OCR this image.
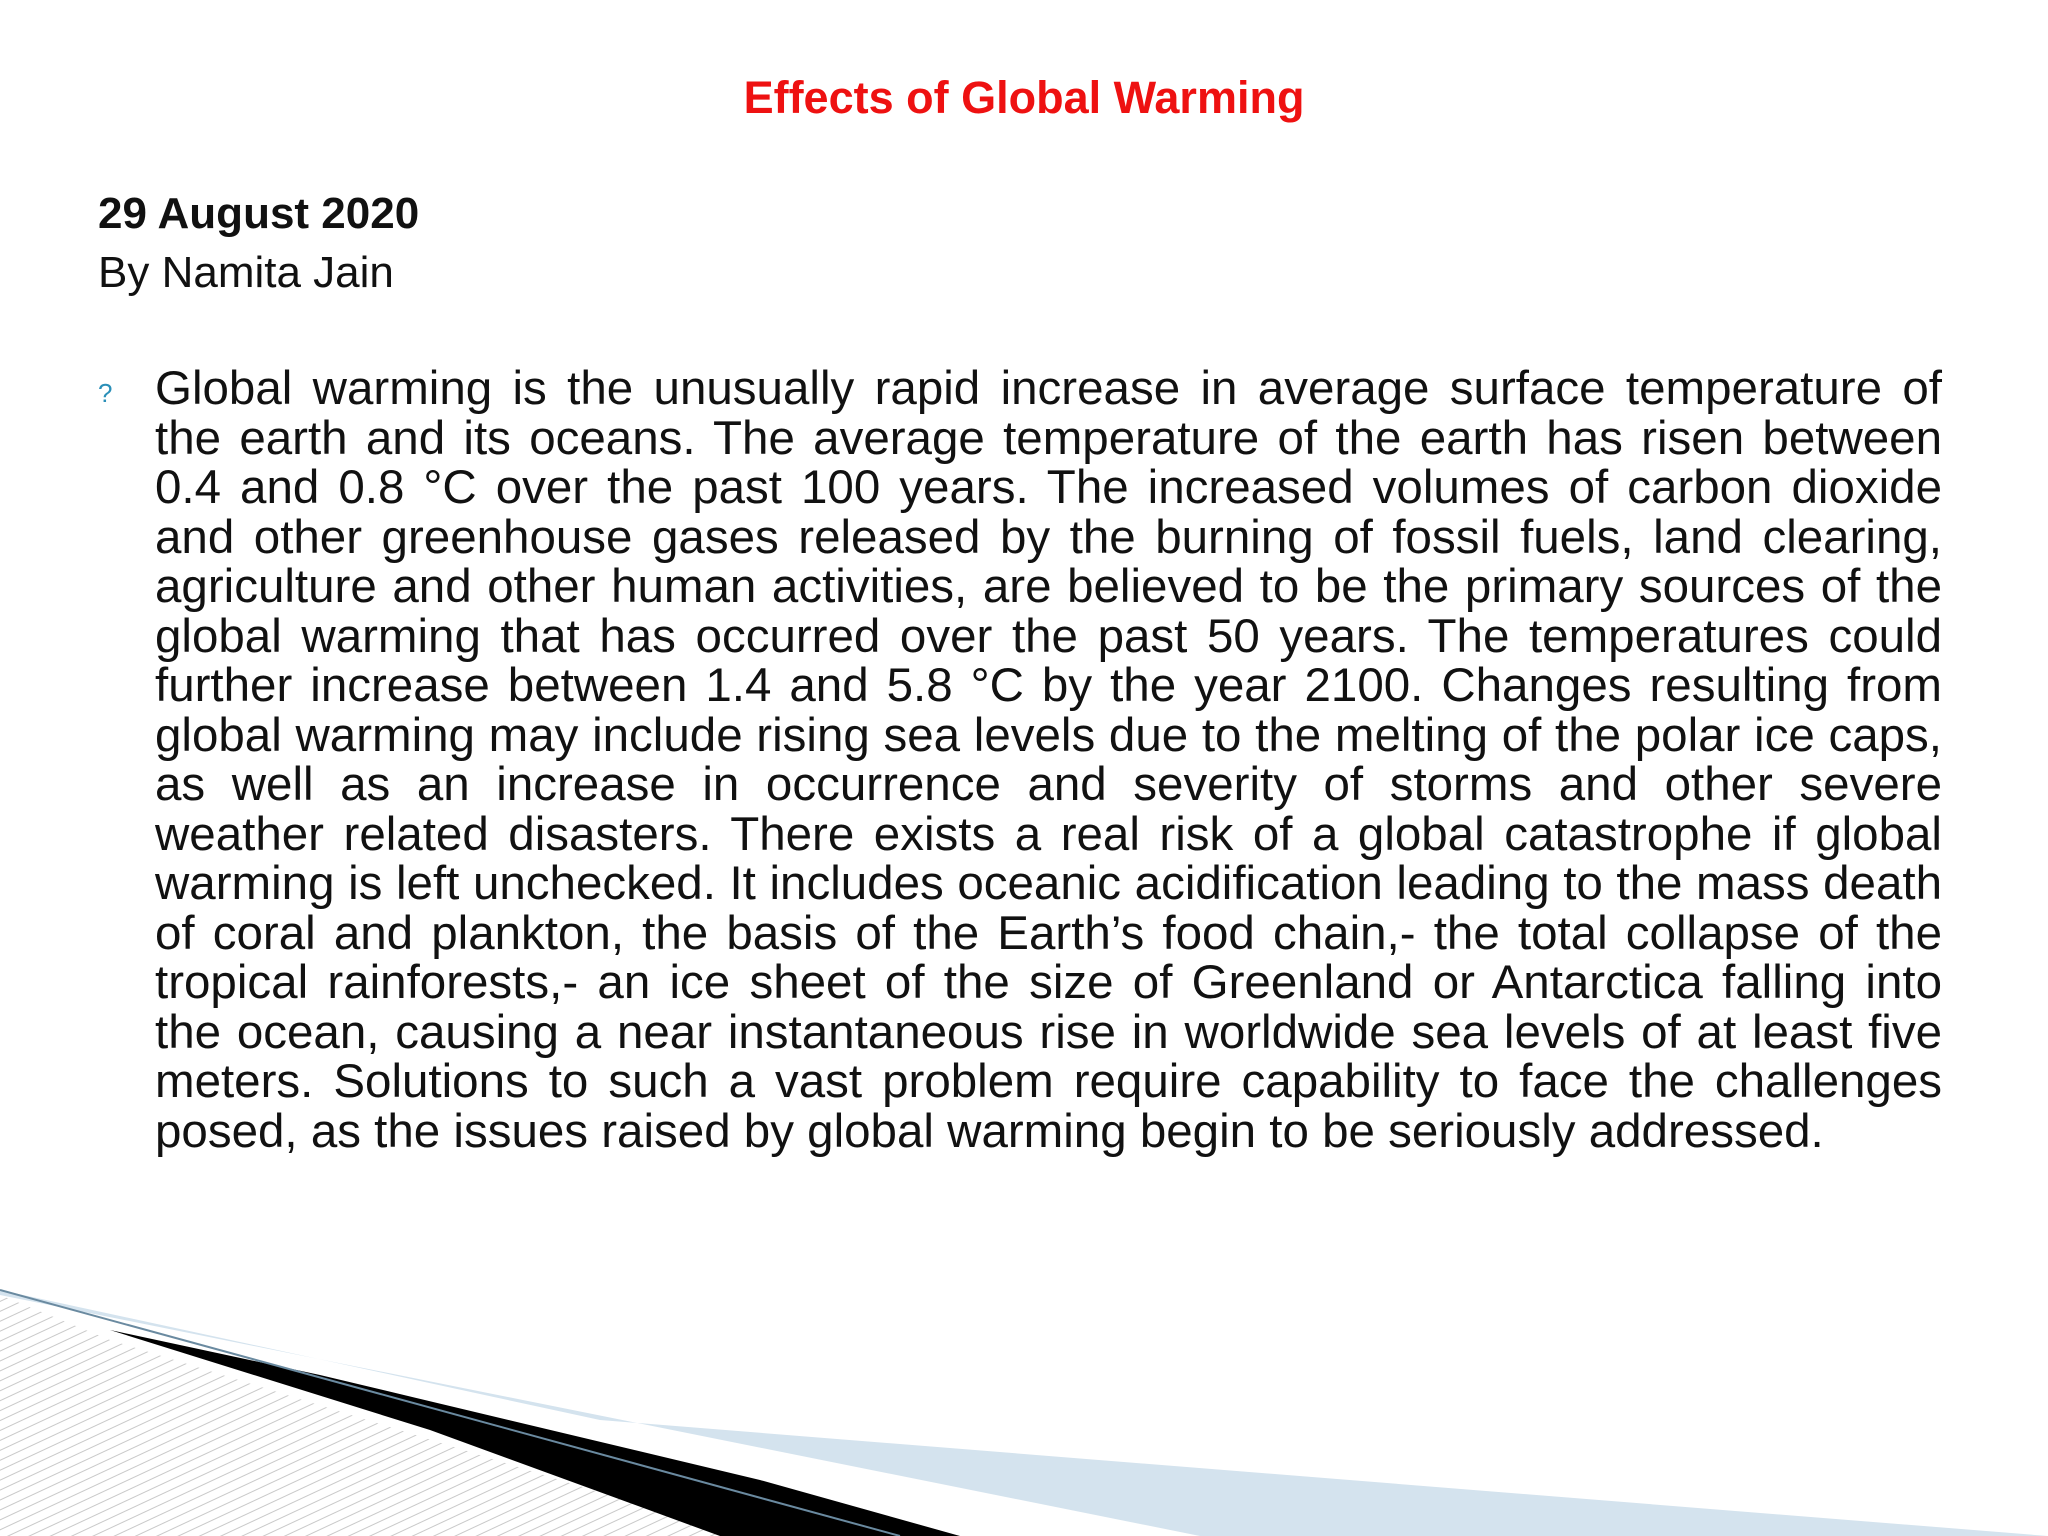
Effects of Global Warming
29 August 2020
By Namita Jain
? Global warming is the unusually rapid increase in average surface temperature of the earth and its oceans. The average temperature of the earth has risen between 0.4 and 0.8 °C over the past 100 years. The increased volumes of carbon dioxide and other greenhouse gases released by the burning of fossil fuels, land clearing, agriculture and other human activities, are believed to be the primary sources of the global warming that has occurred over the past 50 years. The temperatures could further increase between 1.4 and 5.8 °C by the year 2100. Changes resulting from global warming may include rising sea levels due to the melting of the polar ice caps, as well as an increase in occurrence and severity of storms and other severe weather related disasters. There exists a real risk of a global catastrophe if global warming is left unchecked. It includes oceanic acidification leading to the mass death of coral and plankton, the basis of the Earth’s food chain,- the total collapse of the tropical rainforests,- an ice sheet of the size of Greenland or Antarctica falling into the ocean, causing a near instantaneous rise in worldwide sea levels of at least five meters. Solutions to such a vast problem require capability to face the challenges posed, as the issues raised by global warming begin to be seriously addressed.
